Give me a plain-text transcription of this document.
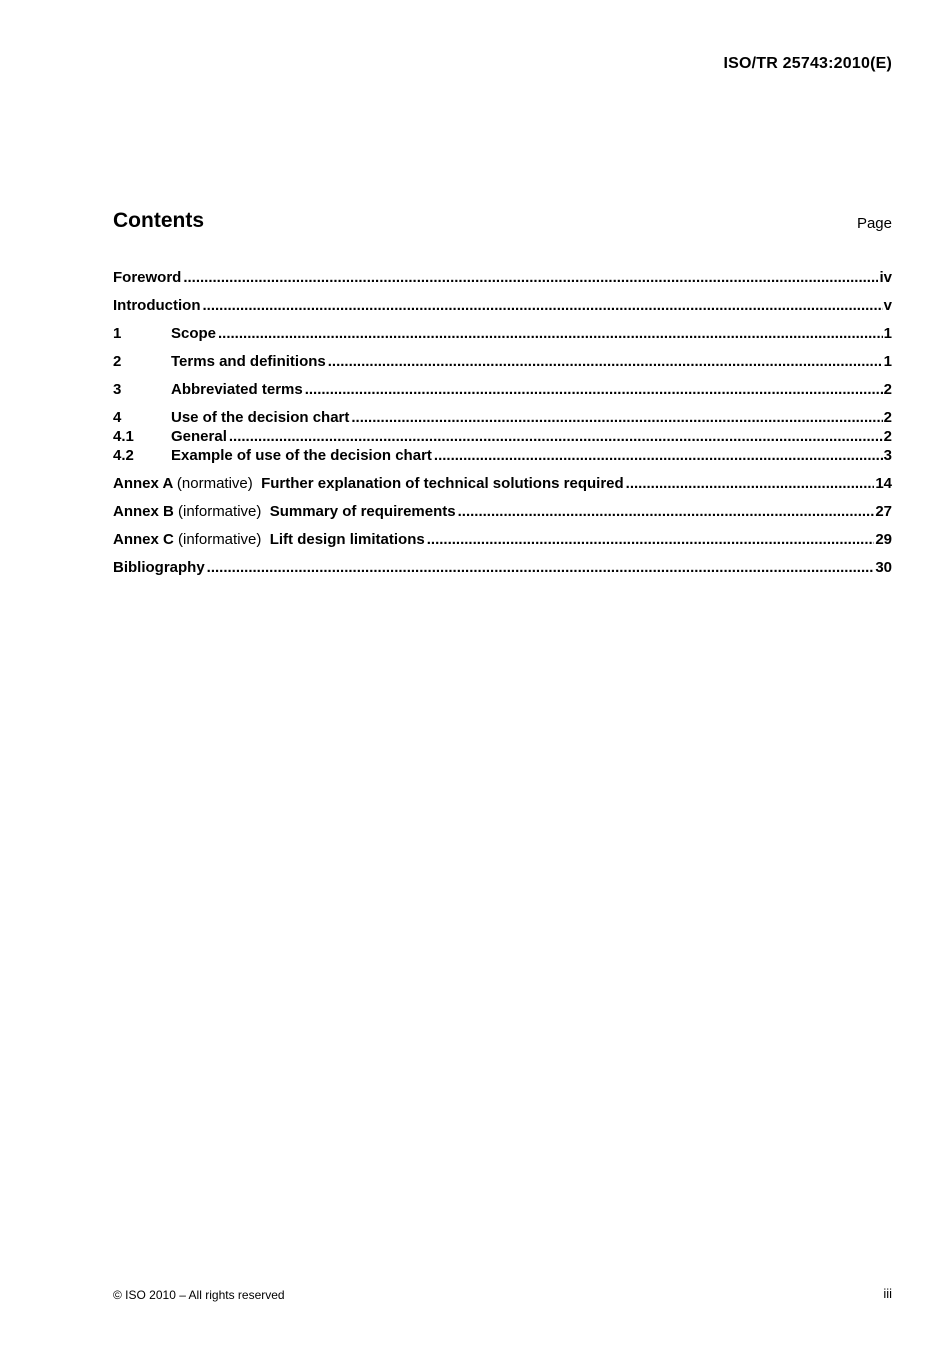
ISO/TR 25743:2010(E)
Contents	Page
Foreword .....	iv
Introduction .....	v
1	Scope .....	1
2	Terms and definitions .....	1
3	Abbreviated terms .....	2
4	Use of the decision chart .....	2
4.1	General .....	2
4.2	Example of use of the decision chart .....	3
Annex A (normative) Further explanation of technical solutions required .....	14
Annex B (informative) Summary of requirements .....	27
Annex C (informative) Lift design limitations .....	29
Bibliography .....	30
© ISO 2010 – All rights reserved	iii
